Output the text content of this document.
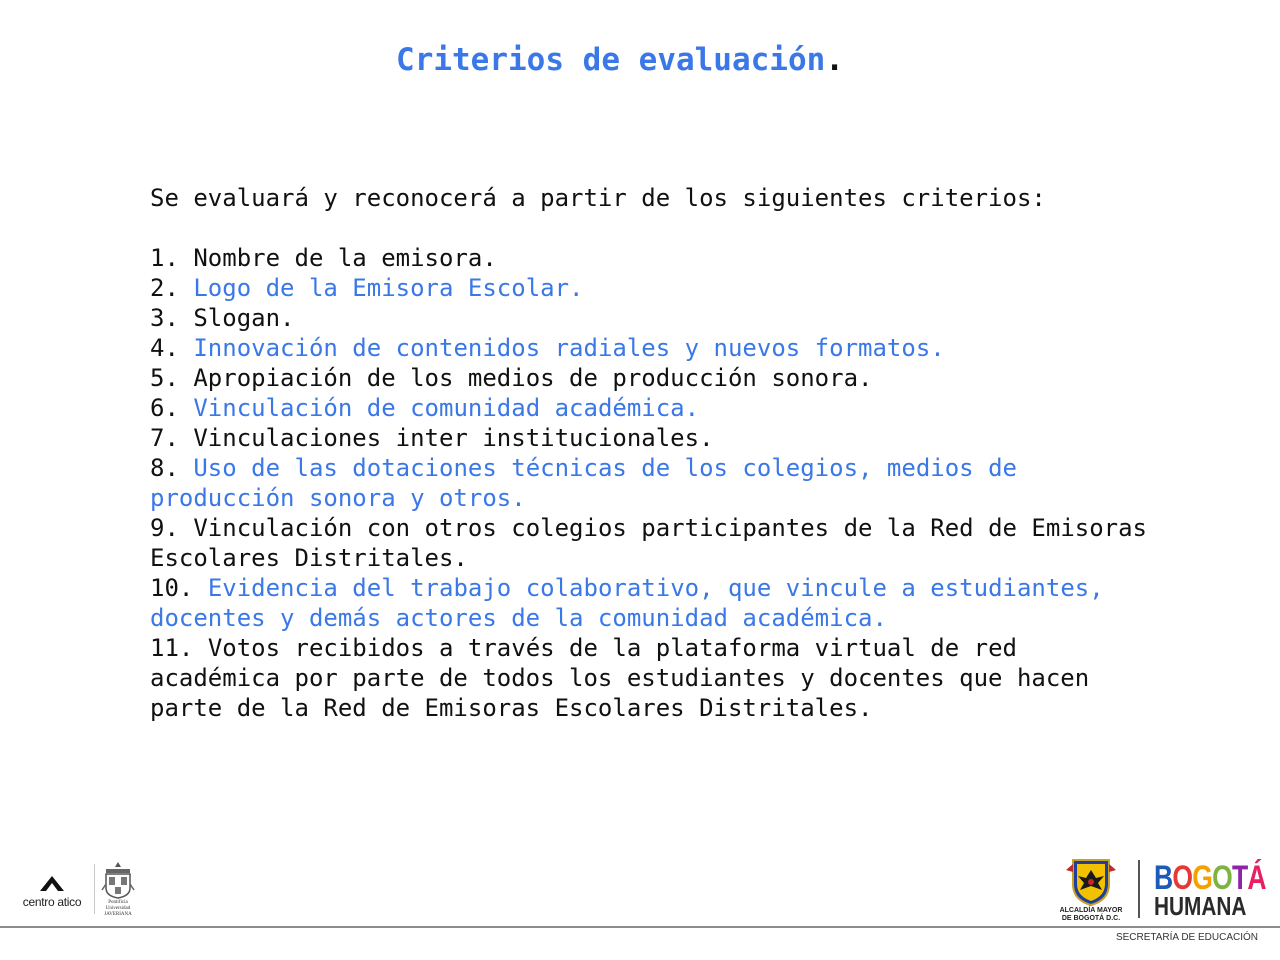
Criterios de evaluación.

Se evaluará y reconocerá a partir de los siguientes criterios:

1. Nombre de la emisora.
2. Logo de la Emisora Escolar.
3. Slogan.
4. Innovación de contenidos radiales y nuevos formatos.
5. Apropiación de los medios de producción sonora.
6. Vinculación de comunidad académica.
7. Vinculaciones inter institucionales.
8. Uso de las dotaciones técnicas de los colegios, medios de producción sonora y otros.
9. Vinculación con otros colegios participantes de la Red de Emisoras Escolares Distritales.
10. Evidencia del trabajo colaborativo, que vincule a estudiantes, docentes y demás actores de la comunidad académica.
11. Votos recibidos a través de la plataforma virtual de red académica por parte de todos los estudiantes y docentes que hacen parte de la Red de Emisoras Escolares Distritales.
centro atico	Pontificia Universidad
JAVERIANA
ALCALDÍA MAYOR
DE BOGOTÁ D.C.
BOGOTÁ
HUMANA
SECRETARÍA DE EDUCACIÓN
